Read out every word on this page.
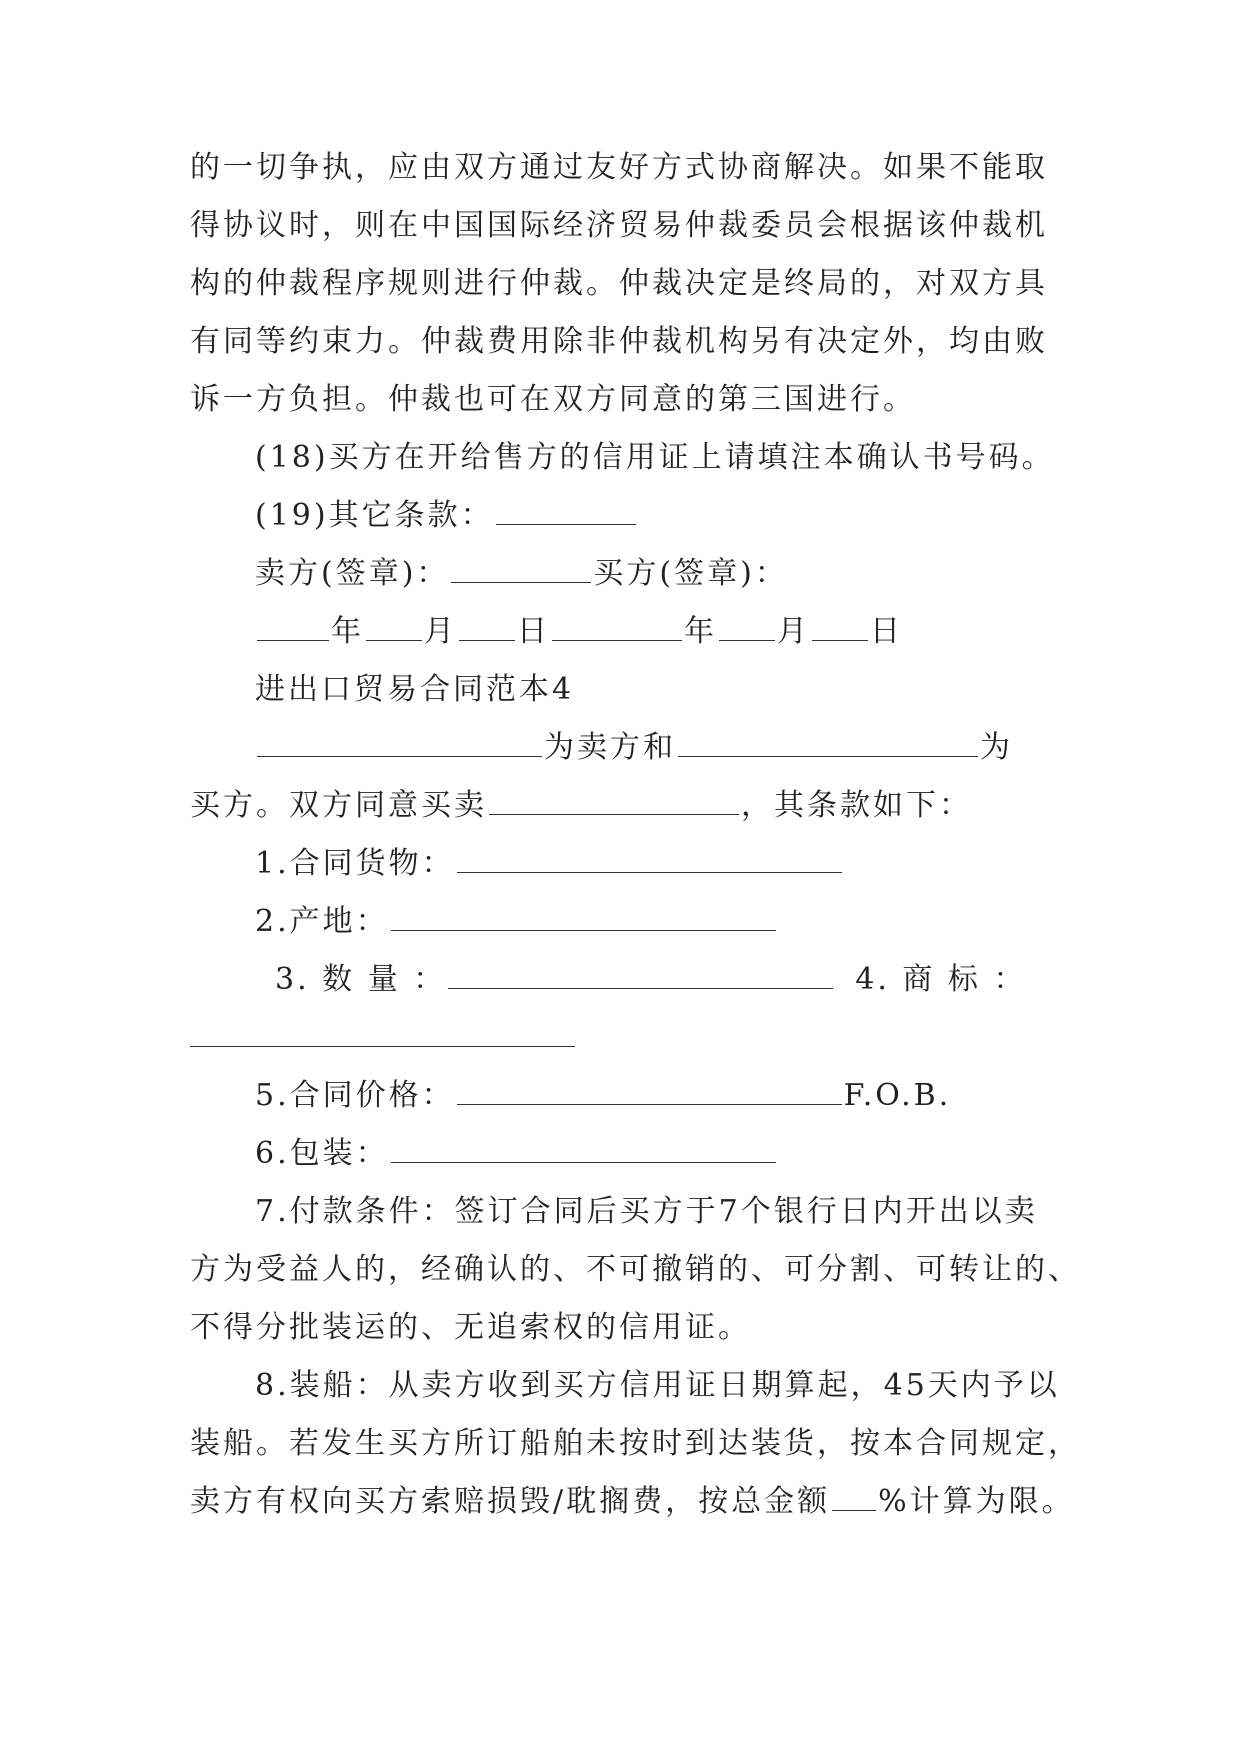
的一切争执，应由双方通过友好方式协商解决。如果不能取
得协议时，则在中国国际经济贸易仲裁委员会根据该仲裁机
构的仲裁程序规则进行仲裁。仲裁决定是终局的，对双方具
有同等约束力。仲裁费用除非仲裁机构另有决定外，均由败
诉一方负担。仲裁也可在双方同意的第三国进行。
(18)买方在开给售方的信用证上请填注本确认书号码。
(19)其它条款：
卖方(签章)：	买方(签章)：
年 月 日	年 月 日
进出口贸易合同范本4
为卖方和	为
买方。双方同意买卖	，其条款如下：
1.合同货物：
2.产地：
3. 数 量 ：	4. 商 标 ：
5.合同价格：	F.O.B.
6.包装：
7.付款条件：签订合同后买方于7个银行日内开出以卖
方为受益人的，经确认的、不可撤销的、可分割、可转让的、
不得分批装运的、无追索权的信用证。
8.装船：从卖方收到买方信用证日期算起，45天内予以
装船。若发生买方所订船舶未按时到达装货，按本合同规定，
卖方有权向买方索赔损毁/耽搁费，按总金额 %计算为限。
